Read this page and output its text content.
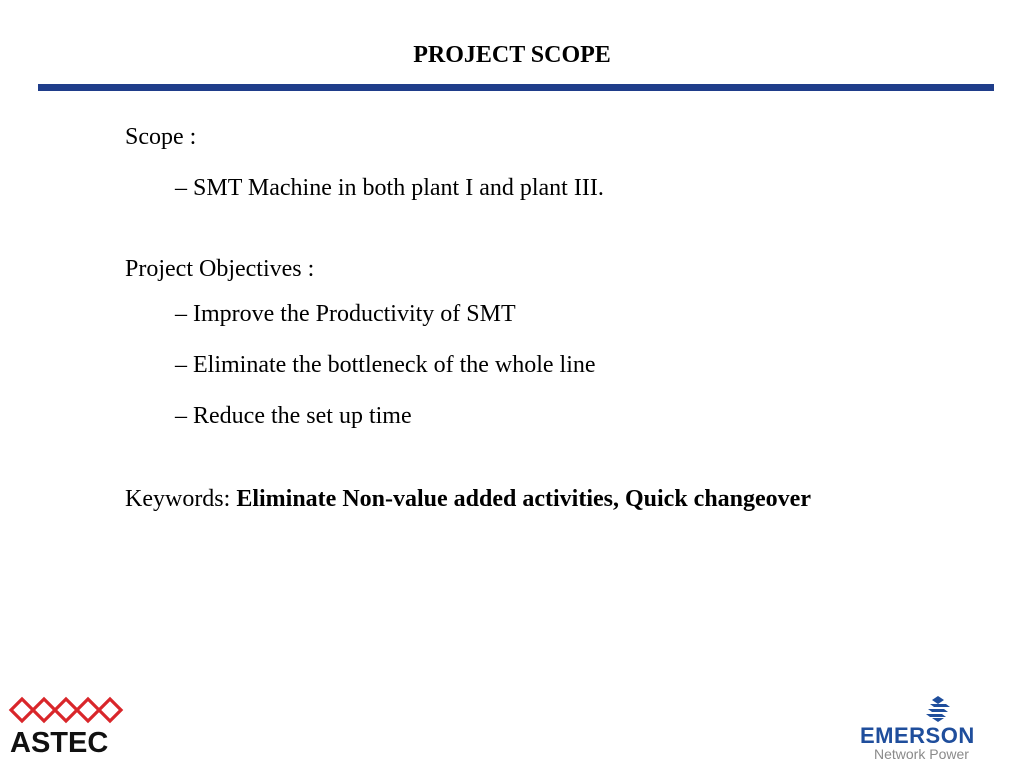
PROJECT SCOPE
Scope :
– SMT Machine in both plant I and plant III.
Project Objectives :
– Improve the Productivity of SMT
– Eliminate the bottleneck of the whole line
– Reduce the set up time
Keywords: Eliminate Non-value added activities, Quick changeover
ASTEC	EMERSON
Network Power
